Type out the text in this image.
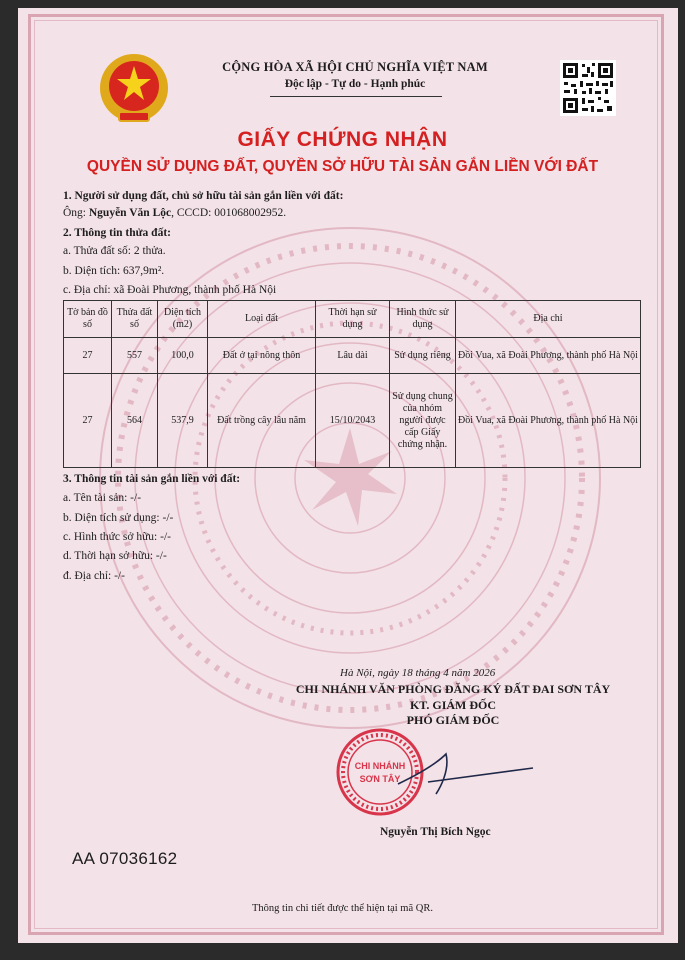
CỘNG HÒA XÃ HỘI CHỦ NGHĨA VIỆT NAM
Độc lập - Tự do - Hạnh phúc
GIẤY CHỨNG NHẬN
QUYỀN SỬ DỤNG ĐẤT, QUYỀN SỞ HỮU TÀI SẢN GẮN LIỀN VỚI ĐẤT
1. Người sử dụng đất, chủ sở hữu tài sản gắn liền với đất:
Ông: Nguyễn Văn Lộc, CCCD: 001068002952.
2. Thông tin thửa đất:
a. Thửa đất số: 2 thửa.
b. Diện tích: 637,9m².
c. Địa chỉ: xã Đoài Phương, thành phố Hà Nội
Tờ bản đồ số	Thửa đất số	Diện tích (m2)	Loại đất	Thời hạn sử dụng	Hình thức sử dụng	Địa chỉ
27	557	100,0	Đất ở tại nông thôn	Lâu dài	Sử dụng riêng	Đồi Vua, xã Đoài Phương, thành phố Hà Nội
27	564	537,9	Đất trồng cây lâu năm	15/10/2043	Sử dụng chung của nhóm người được cấp Giấy chứng nhận.	Đồi Vua, xã Đoài Phương, thành phố Hà Nội
3. Thông tin tài sản gắn liền với đất:
a. Tên tài sản: -/-
b. Diện tích sử dụng: -/-
c. Hình thức sở hữu: -/-
d. Thời hạn sở hữu: -/-
đ. Địa chỉ: -/-
Hà Nội, ngày 18 tháng 4 năm 2026
CHI NHÁNH VĂN PHÒNG ĐĂNG KÝ ĐẤT ĐAI SƠN TÂY
KT. GIÁM ĐỐC
PHÓ GIÁM ĐỐC
CHI NHÁNH
SƠN TÂY
Nguyễn Thị Bích Ngọc
AA 07036162
Thông tin chi tiết được thể hiện tại mã QR.
